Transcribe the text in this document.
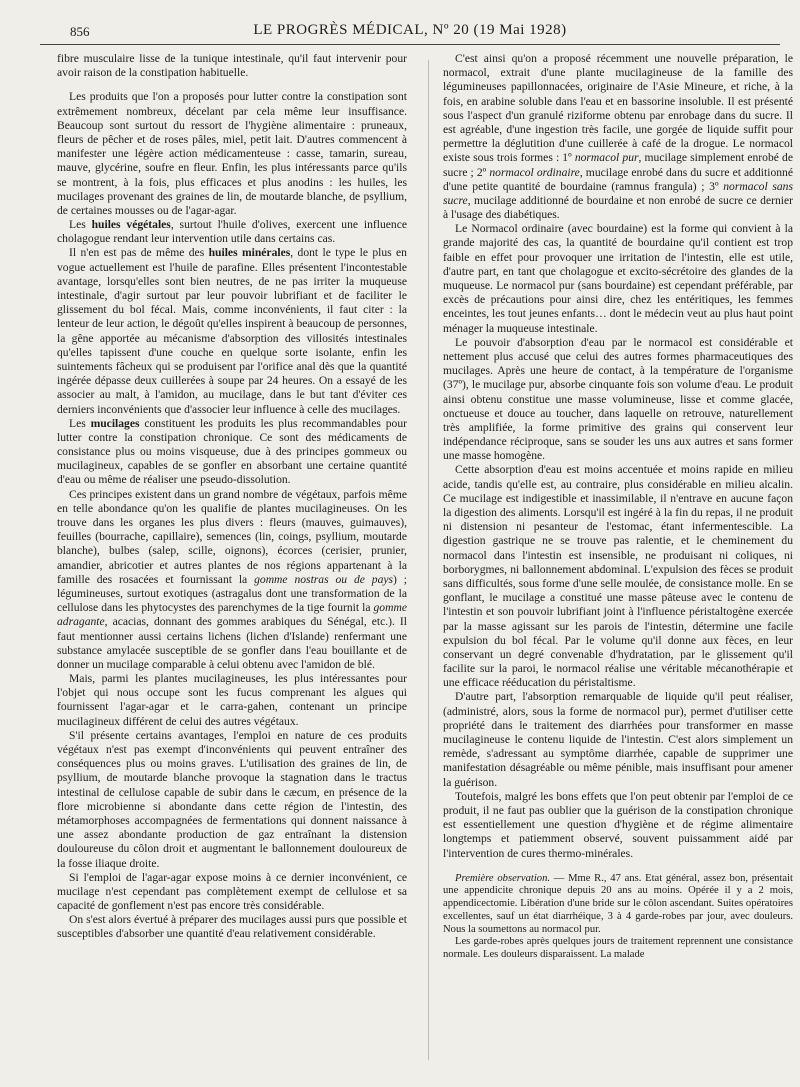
856	LE PROGRÈS MÉDICAL, Nº 20 (19 Mai 1928)

fibre musculaire lisse de la tunique intestinale, qu'il faut intervenir pour avoir raison de la constipation habituelle.

Les produits que l'on a proposés pour lutter contre la constipation sont extrêmement nombreux, décelant par cela même leur insuffisance. Beaucoup sont surtout du ressort de l'hygiène alimentaire : pruneaux, fleurs de pêcher et de roses pâles, miel, petit lait. D'autres commencent à manifester une légère action médicamenteuse : casse, tamarin, sureau, mauve, glycérine, soufre en fleur. Enfin, les plus intéressants parce qu'ils se montrent, à la fois, plus efficaces et plus anodins : les huiles, les mucilages provenant des graines de lin, de moutarde blanche, de psyllium, de certaines mousses ou de l'agar-agar.

Les huiles végétales, surtout l'huile d'olives, exercent une influence cholagogue rendant leur intervention utile dans certains cas.

Il n'en est pas de même des huiles minérales, dont le type le plus en vogue actuellement est l'huile de parafine. Elles présentent l'incontestable avantage, lorsqu'elles sont bien neutres, de ne pas irriter la muqueuse intestinale, d'agir surtout par leur pouvoir lubrifiant et de faciliter le glissement du bol fécal. Mais, comme inconvénients, il faut citer : la lenteur de leur action, le dégoût qu'elles inspirent à beaucoup de personnes, la gêne apportée au mécanisme d'absorption des villosités intestinales qu'elles tapissent d'une couche en quelque sorte isolante, enfin les suintements fâcheux qui se produisent par l'orifice anal dès que la quantité ingérée dépasse deux cuillerées à soupe par 24 heures. On a essayé de les associer au malt, à l'amidon, au mucilage, dans le but tant d'éviter ces derniers inconvénients que d'associer leur influence à celle des mucilages.

Les mucilages constituent les produits les plus recommandables pour lutter contre la constipation chronique. Ce sont des médicaments de consistance plus ou moins visqueuse, due à des principes gommeux ou mucilagineux, capables de se gonfler en absorbant une certaine quantité d'eau ou même de réaliser une pseudo-dissolution.

Ces principes existent dans un grand nombre de végétaux, parfois même en telle abondance qu'on les qualifie de plantes mucilagineuses. On les trouve dans les organes les plus divers : fleurs (mauves, guimauves), feuilles (bourrache, capillaire), semences (lin, coings, psyllium, moutarde blanche), bulbes (salep, scille, oignons), écorces (cerisier, prunier, amandier, abricotier et autres plantes de nos régions appartenant à la famille des rosacées et fournissant la gomme nostras ou de pays) ; légumineuses, surtout exotiques (astragalus dont une transformation de la cellulose dans les phytocystes des parenchymes de la tige fournit la gomme adragante, acacias, donnant des gommes arabiques du Sénégal, etc.). Il faut mentionner aussi certains lichens (lichen d'Islande) renfermant une substance amylacée susceptible de se gonfler dans l'eau bouillante et de donner un mucilage comparable à celui obtenu avec l'amidon de blé.

Mais, parmi les plantes mucilagineuses, les plus intéressantes pour l'objet qui nous occupe sont les fucus comprenant les algues qui fournissent l'agar-agar et le carra-gahen, contenant un principe mucilagineux différent de celui des autres végétaux.

S'il présente certains avantages, l'emploi en nature de ces produits végétaux n'est pas exempt d'inconvénients qui peuvent entraîner des conséquences plus ou moins graves. L'utilisation des graines de lin, de psyllium, de moutarde blanche provoque la stagnation dans le tractus intestinal de cellulose capable de subir dans le cæcum, en présence de la flore microbienne si abondante dans cette région de l'intestin, des métamorphoses accompagnées de fermentations qui donnent naissance à une assez abondante production de gaz entraînant la distension douloureuse du côlon droit et augmentant le ballonnement douloureux de la fosse iliaque droite.

Si l'emploi de l'agar-agar expose moins à ce dernier inconvénient, ce mucilage n'est cependant pas complètement exempt de cellulose et sa capacité de gonflement n'est pas encore très considérable.

On s'est alors évertué à préparer des mucilages aussi purs que possible et susceptibles d'absorber une quantité d'eau relativement considérable.

C'est ainsi qu'on a proposé récemment une nouvelle préparation, le normacol, extrait d'une plante mucilagineuse de la famille des légumineuses papillonnacées, originaire de l'Asie Mineure, et riche, à la fois, en arabine soluble dans l'eau et en bassorine insoluble. Il est présenté sous l'aspect d'un granulé riziforme obtenu par enrobage dans du sucre. Il est agréable, d'une ingestion très facile, une gorgée de liquide suffit pour permettre la déglutition d'une cuillerée à café de la drogue. Le normacol existe sous trois formes : 1º normacol pur, mucilage simplement enrobé de sucre ; 2º normacol ordinaire, mucilage enrobé dans du sucre et additionné d'une petite quantité de bourdaine (ramnus frangula) ; 3º normacol sans sucre, mucilage additionné de bourdaine et non enrobé de sucre ce dernier à l'usage des diabétiques.

Le Normacol ordinaire (avec bourdaine) est la forme qui convient à la grande majorité des cas, la quantité de bourdaine qu'il contient est trop faible en effet pour provoquer une irritation de l'intestin, elle est utile, d'autre part, en tant que cholagogue et excito-sécrétoire des glandes de la muqueuse. Le normacol pur (sans bourdaine) est cependant préférable, par excès de précautions pour ainsi dire, chez les entéritiques, les femmes enceintes, les tout jeunes enfants… dont le médecin veut au plus haut point ménager la muqueuse intestinale.

Le pouvoir d'absorption d'eau par le normacol est considérable et nettement plus accusé que celui des autres formes pharmaceutiques des mucilages. Après une heure de contact, à la température de l'organisme (37º), le mucilage pur, absorbe cinquante fois son volume d'eau. Le produit ainsi obtenu constitue une masse volumineuse, lisse et comme glacée, onctueuse et douce au toucher, dans laquelle on retrouve, naturellement très amplifiée, la forme primitive des grains qui conservent leur indépendance réciproque, sans se souder les uns aux autres et sans former une masse homogène.

Cette absorption d'eau est moins accentuée et moins rapide en milieu acide, tandis qu'elle est, au contraire, plus considérable en milieu alcalin. Ce mucilage est indigestible et inassimilable, il n'entrave en aucune façon la digestion des aliments. Lorsqu'il est ingéré à la fin du repas, il ne produit ni distension ni pesanteur de l'estomac, étant infermentescible. La digestion gastrique ne se trouve pas ralentie, et le cheminement du normacol dans l'intestin est insensible, ne produisant ni coliques, ni borborygmes, ni ballonnement abdominal. L'expulsion des fèces se produit sans difficultés, sous forme d'une selle moulée, de consistance molle. En se gonflant, le mucilage a constitué une masse pâteuse avec le contenu de l'intestin et son pouvoir lubrifiant joint à l'influence péristaltogène exercée par la masse agissant sur les parois de l'intestin, détermine une facile expulsion du bol fécal. Par le volume qu'il donne aux fèces, en leur conservant un degré convenable d'hydratation, par le glissement qu'il facilite sur la paroi, le normacol réalise une véritable mécanothérapie et une efficace rééducation du péristaltisme.

D'autre part, l'absorption remarquable de liquide qu'il peut réaliser, (administré, alors, sous la forme de normacol pur), permet d'utiliser cette propriété dans le traitement des diarrhées pour transformer en masse mucilagineuse le contenu liquide de l'intestin. C'est alors simplement un remède, s'adressant au symptôme diarrhée, capable de supprimer une manifestation désagréable ou même pénible, mais insuffisant pour amener la guérison.

Toutefois, malgré les bons effets que l'on peut obtenir par l'emploi de ce produit, il ne faut pas oublier que la guérison de la constipation chronique est essentiellement une question d'hygiène et de régime alimentaire longtemps et patiemment observé, souvent puissamment aidé par l'intervention de cures thermo-minérales.

Première observation. — Mme R., 47 ans. Etat général, assez bon, présentait une appendicite chronique depuis 20 ans au moins. Opérée il y a 2 mois, appendicectomie. Libération d'une bride sur le côlon ascendant. Suites opératoires excellentes, sauf un état diarrhéique, 3 à 4 garde-robes par jour, avec douleurs. Nous la soumettons au normacol pur.

Les garde-robes après quelques jours de traitement reprennent une consistance normale. Les douleurs disparaissent. La malade
